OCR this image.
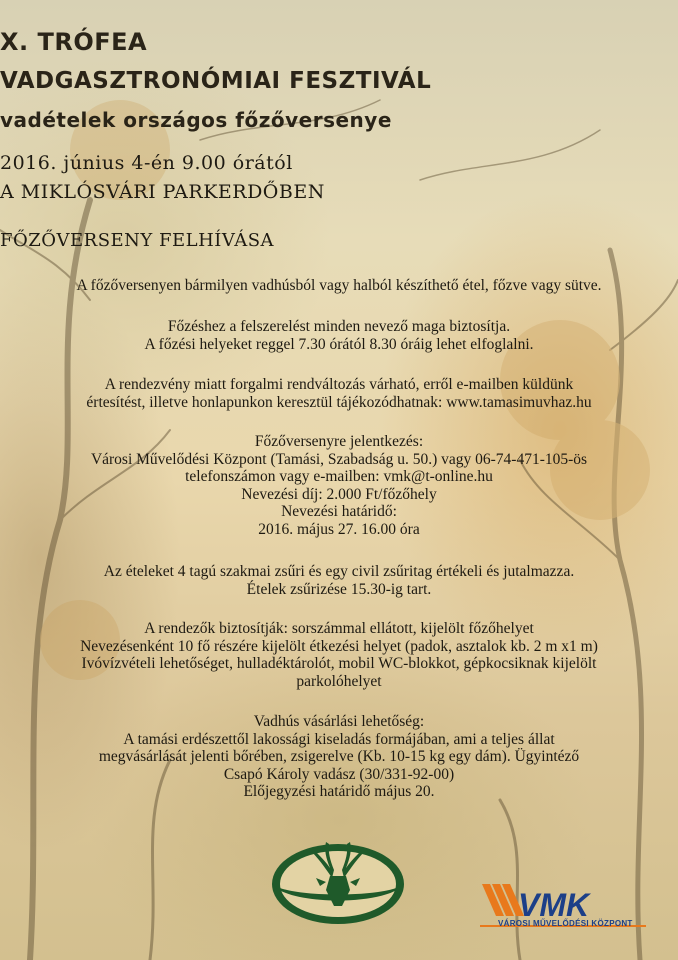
X. TRÓFEA
VADGASZTRONÓMIAI FESZTIVÁL
vadételek országos főzőversenye
2016. június 4-én 9.00 órától
A MIKLÓSVÁRI PARKERDŐBEN
FŐZŐVERSENY FELHÍVÁSA
A főzőversenyen bármilyen vadhúsból vagy halból készíthető étel, főzve vagy sütve.
Főzéshez a felszerelést minden nevező maga biztosítja.
A főzési helyeket reggel 7.30 órától 8.30 óráig lehet elfoglalni.
A rendezvény miatt forgalmi rendváltozás várható, erről e-mailben küldünk
értesítést, illetve honlapunkon keresztül tájékozódhatnak: www.tamasimuvhaz.hu
Főzőversenyre jelentkezés:
Városi Művelődési Központ (Tamási, Szabadság u. 50.) vagy 06-74-471-105-ös
telefonszámon vagy e-mailben: vmk@t-online.hu
Nevezési díj: 2.000 Ft/főzőhely
Nevezési határidő:
2016. május 27. 16.00 óra
Az ételeket 4 tagú szakmai zsűri és egy civil zsűritag értékeli és jutalmazza.
Ételek zsűrizése 15.30-ig tart.
A rendezők biztosítják: sorszámmal ellátott, kijelölt főzőhelyet
Nevezésenként 10 fő részére kijelölt étkezési helyet (padok, asztalok kb. 2 m x1 m)
Ivóvízvételi lehetőséget, hulladéktárolót, mobil WC-blokkot, gépkocsiknak kijelölt
parkolóhelyet
Vadhús vásárlási lehetőség:
A tamási erdészettől lakossági kiseladás formájában, ami a teljes állat
megvásárlását jelenti bőrében, zsigerelve (Kb. 10-15 kg egy dám). Ügyintéző
Csapó Károly vadász (30/331-92-00)
Előjegyzési határidő május 20.
VMK
VÁROSI MŰVELŐDÉSI KÖZPONT
